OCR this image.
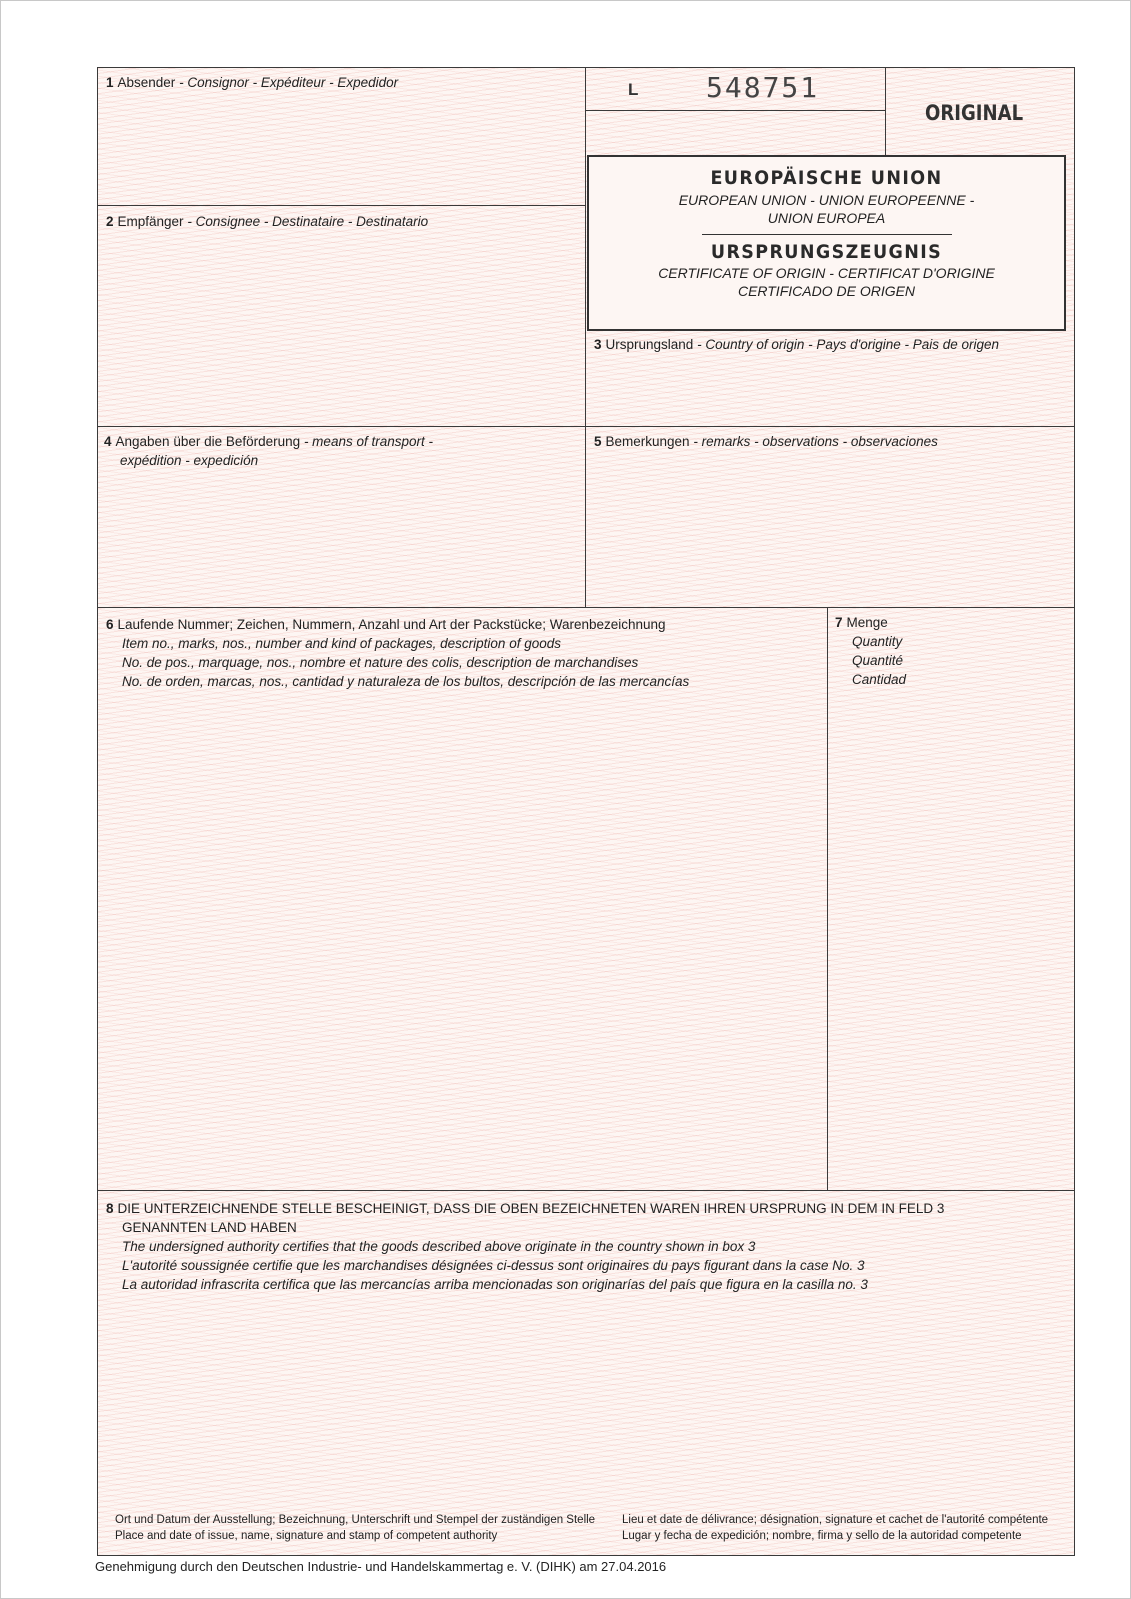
1 Absender - Consignor - Expéditeur - Expedidor	L 548751
ORIGINAL
EUROPÄISCHE UNION
EUROPEAN UNION - UNION EUROPEENNE -
UNION EUROPEA
URSPRUNGSZEUGNIS
CERTIFICATE OF ORIGIN - CERTIFICAT D'ORIGINE
CERTIFICADO DE ORIGEN
2 Empfänger - Consignee - Destinataire - Destinatario
3 Ursprungsland - Country of origin - Pays d'origine - Pais de origen
4 Angaben über die Beförderung - means of transport -
expédition - expedición
5 Bemerkungen - remarks - observations - observaciones
6 Laufende Nummer; Zeichen, Nummern, Anzahl und Art der Packstücke; Warenbezeichnung
Item no., marks, nos., number and kind of packages, description of goods
No. de pos., marquage, nos., nombre et nature des colis, description de marchandises
No. de orden, marcas, nos., cantidad y naturaleza de los bultos, descripción de las mercancías
7 Menge
Quantity
Quantité
Cantidad
8 DIE UNTERZEICHNENDE STELLE BESCHEINIGT, DASS DIE OBEN BEZEICHNETEN WAREN IHREN URSPRUNG IN DEM IN FELD 3
GENANNTEN LAND HABEN
The undersigned authority certifies that the goods described above originate in the country shown in box 3
L'autorité soussignée certifie que les marchandises désignées ci-dessus sont originaires du pays figurant dans la case No. 3
La autoridad infrascrita certifica que las mercancías arriba mencionadas son originarías del país que figura en la casilla no. 3
Ort und Datum der Ausstellung; Bezeichnung, Unterschrift und Stempel der zuständigen Stelle
Place and date of issue, name, signature and stamp of competent authority
Lieu et date de délivrance; désignation, signature et cachet de l'autorité compétente
Lugar y fecha de expedición; nombre, firma y sello de la autoridad competente
Genehmigung durch den Deutschen Industrie- und Handelskammertag e. V. (DIHK) am 27.04.2016
